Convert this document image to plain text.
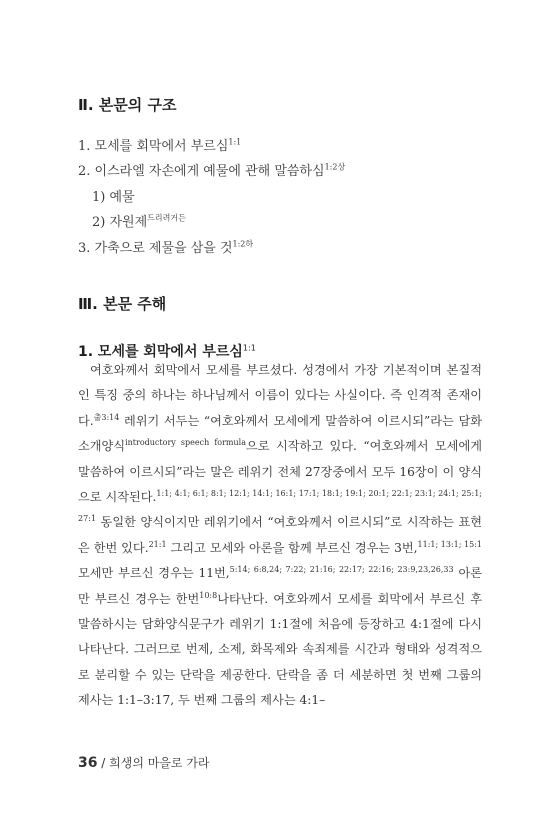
Ⅱ. 본문의 구조
1. 모세를 회막에서 부르심$^{1:1}$
2. 이스라엘 자손에게 예물에 관해 말씀하심$^{1:2상}$
1) 예물
2) 자원제$^{드리려거든}$
3. 가축으로 제물을 삼을 것$^{1:2하}$
Ⅲ. 본문 주해
1. 모세를 회막에서 부르심$^{1:1}$
여호와께서 회막에서 모세를 부르셨다. 성경에서 가장 기본적이며 본질적인 특징 중의 하나는 하나님께서 이름이 있다는 사실이다. 즉 인격적 존재이다.$^{출3:14}$ 레위기 서두는 “여호와께서 모세에게 말씀하여 이르시되”라는 담화소개양식$^{introductory speech formula}$으로 시작하고 있다. “여호와께서 모세에게 말씀하여 이르시되”라는 말은 레위기 전체 27장중에서 모두 16장이 이 양식으로 시작된다.$^{1:1; 4:1; 6:1; 8:1; 12:1; 14:1; 16:1; 17:1; 18:1; 19:1; 20:1; 22:1; 23:1; 24:1; 25:1; 27:1}$ 동일한 양식이지만 레위기에서 “여호와께서 이르시되”로 시작하는 표현은 한번 있다.$^{21:1}$ 그리고 모세와 아론을 함께 부르신 경우는 3번,$^{11:1; 13:1; 15:1}$ 모세만 부르신 경우는 11번,$^{5:14; 6:8,24; 7:22; 21:16; 22:17; 22:16; 23:9,23,26,33}$ 아론만 부르신 경우는 한번$^{10:8}$나타난다. 여호와께서 모세를 회막에서 부르신 후 말씀하시는 담화양식문구가 레위기 1:1절에 처음에 등장하고 4:1절에 다시 나타난다. 그러므로 번제, 소제, 화목제와 속죄제를 시간과 형태와 성격적으로 분리할 수 있는 단락을 제공한다. 단락을 좀 더 세분하면 첫 번째 그룹의 제사는 1:1–3:17, 두 번째 그룹의 제사는 4:1–
36 / 희생의 마을로 가라
